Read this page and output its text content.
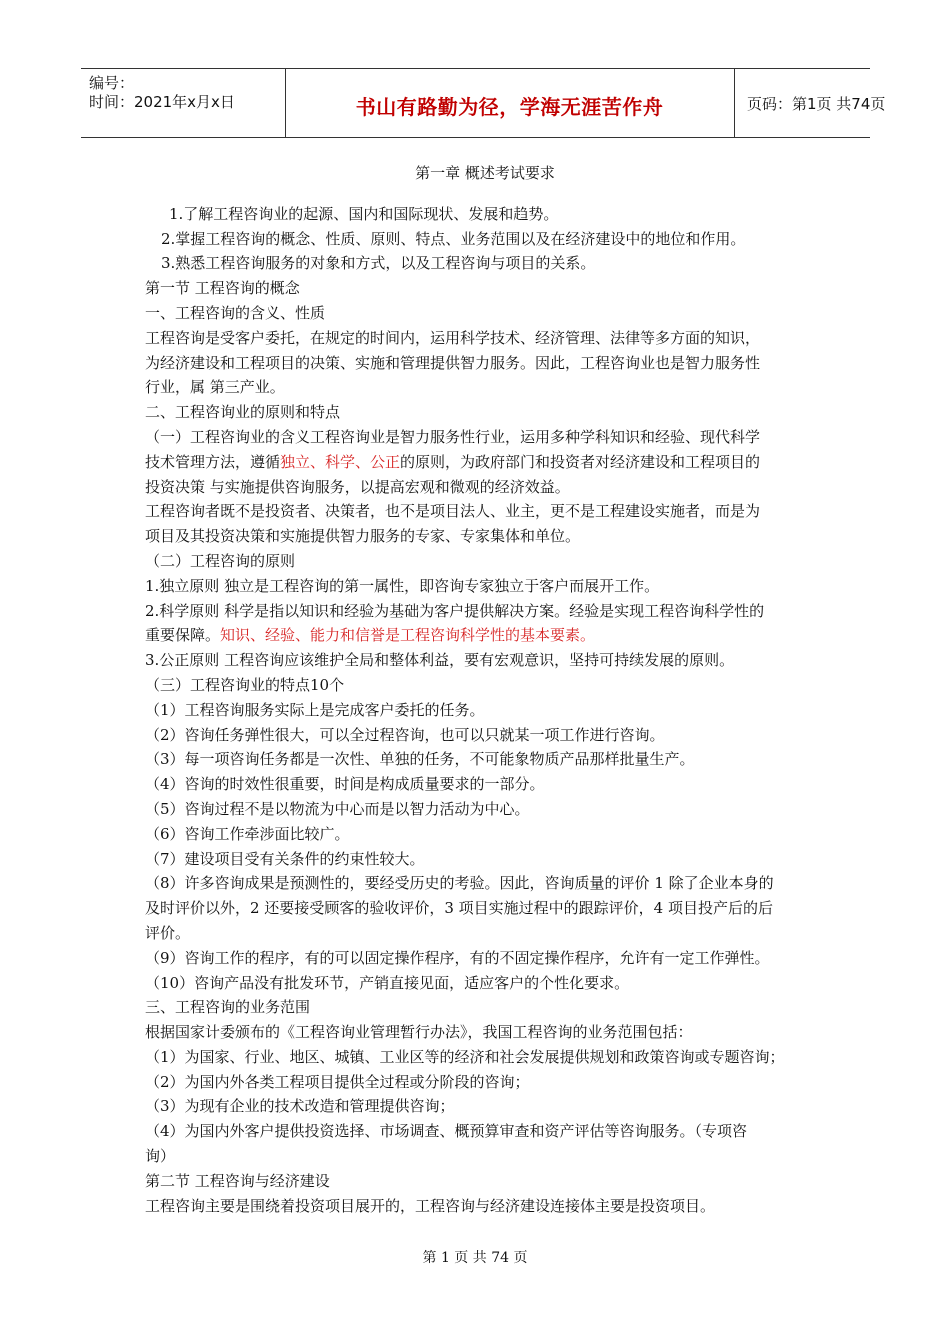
编号：
时间：2021年x月x日	书山有路勤为径，学海无涯苦作舟	页码：第1页 共74页
第一章 概述考试要求
1.了解工程咨询业的起源、国内和国际现状、发展和趋势。
2.掌握工程咨询的概念、性质、原则、特点、业务范围以及在经济建设中的地位和作用。
3.熟悉工程咨询服务的对象和方式，以及工程咨询与项目的关系。
第一节 工程咨询的概念
一、工程咨询的含义、性质
工程咨询是受客户委托，在规定的时间内，运用科学技术、经济管理、法律等多方面的知识，
为经济建设和工程项目的决策、实施和管理提供智力服务。因此，工程咨询业也是智力服务性
行业，属 第三产业。
二、工程咨询业的原则和特点
（一）工程咨询业的含义工程咨询业是智力服务性行业，运用多种学科知识和经验、现代科学
技术管理方法，遵循独立、科学、公正的原则，为政府部门和投资者对经济建设和工程项目的
投资决策 与实施提供咨询服务，以提高宏观和微观的经济效益。
工程咨询者既不是投资者、决策者，也不是项目法人、业主，更不是工程建设实施者，而是为
项目及其投资决策和实施提供智力服务的专家、专家集体和单位。
（二）工程咨询的原则
1.独立原则 独立是工程咨询的第一属性，即咨询专家独立于客户而展开工作。
2.科学原则 科学是指以知识和经验为基础为客户提供解决方案。经验是实现工程咨询科学性的
重要保障。知识、经验、能力和信誉是工程咨询科学性的基本要素。
3.公正原则 工程咨询应该维护全局和整体利益，要有宏观意识，坚持可持续发展的原则。
（三）工程咨询业的特点10个
（1）工程咨询服务实际上是完成客户委托的任务。
（2）咨询任务弹性很大，可以全过程咨询，也可以只就某一项工作进行咨询。
（3）每一项咨询任务都是一次性、单独的任务，不可能象物质产品那样批量生产。
（4）咨询的时效性很重要，时间是构成质量要求的一部分。
（5）咨询过程不是以物流为中心而是以智力活动为中心。
（6）咨询工作牵涉面比较广。
（7）建设项目受有关条件的约束性较大。
（8）许多咨询成果是预测性的，要经受历史的考验。因此，咨询质量的评价 1 除了企业本身的
及时评价以外，2 还要接受顾客的验收评价，3 项目实施过程中的跟踪评价，4 项目投产后的后
评价。
（9）咨询工作的程序，有的可以固定操作程序，有的不固定操作程序，允许有一定工作弹性。
（10）咨询产品没有批发环节，产销直接见面，适应客户的个性化要求。
三、工程咨询的业务范围
根据国家计委颁布的《工程咨询业管理暂行办法》，我国工程咨询的业务范围包括：
（1）为国家、行业、地区、城镇、工业区等的经济和社会发展提供规划和政策咨询或专题咨询；
（2）为国内外各类工程项目提供全过程或分阶段的咨询；
（3）为现有企业的技术改造和管理提供咨询；
（4）为国内外客户提供投资选择、市场调查、概预算审查和资产评估等咨询服务。（专项咨
询）
第二节 工程咨询与经济建设
工程咨询主要是围绕着投资项目展开的，工程咨询与经济建设连接体主要是投资项目。
第 1 页 共 74 页
